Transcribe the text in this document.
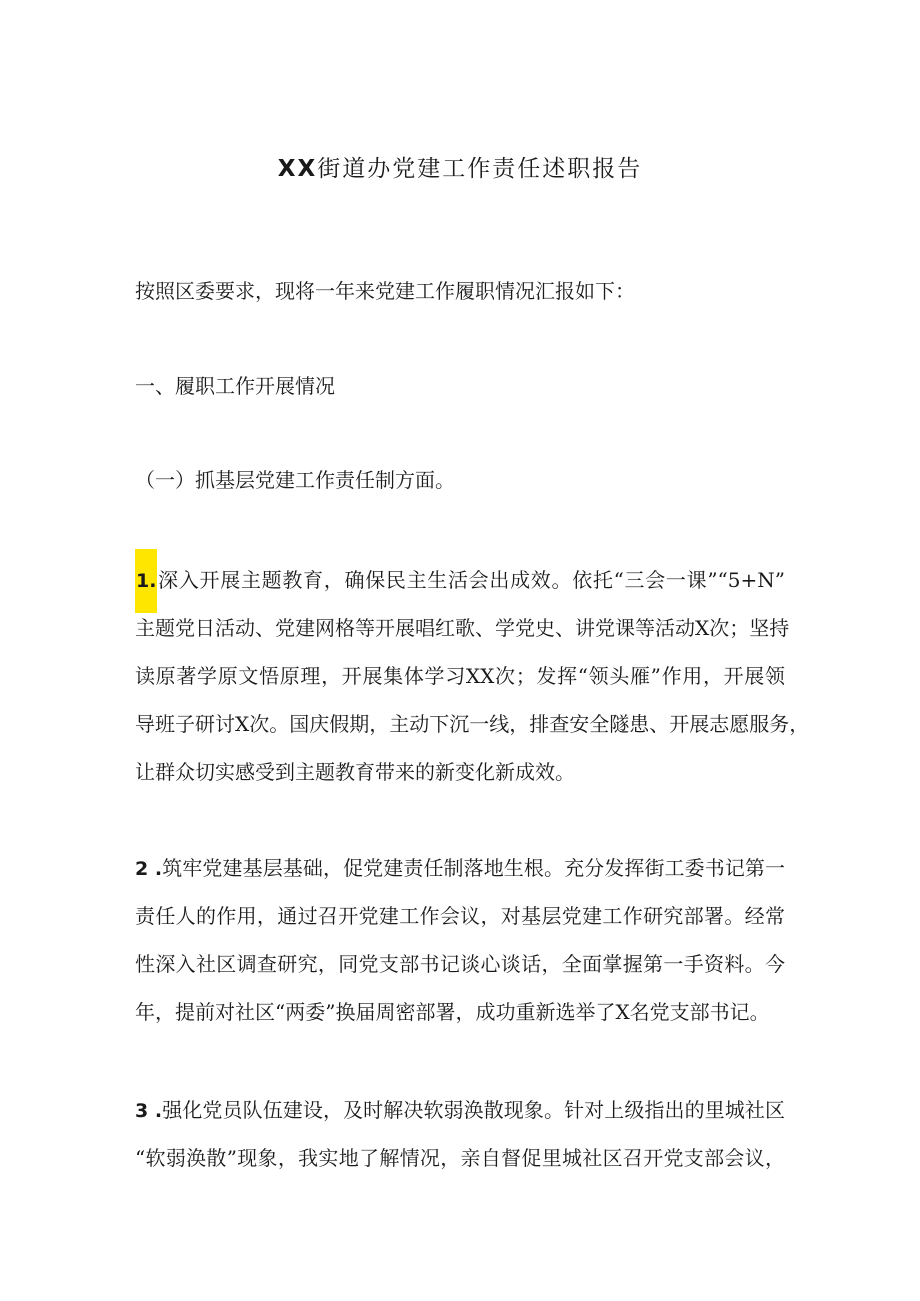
XX街道办党建工作责任述职报告
按照区委要求，现将一年来党建工作履职情况汇报如下：
一、履职工作开展情况
（一）抓基层党建工作责任制方面。
1.深入开展主题教育，确保民主生活会出成效。依托“三会一课”“5+N”
主题党日活动、党建网格等开展唱红歌、学党史、讲党课等活动X次；坚持
读原著学原文悟原理，开展集体学习XX次；发挥“领头雁”作用，开展领
导班子研讨X次。国庆假期，主动下沉一线，排查安全隧患、开展志愿服务，
让群众切实感受到主题教育带来的新变化新成效。
2 .筑牢党建基层基础，促党建责任制落地生根。充分发挥街工委书记第一
责任人的作用，通过召开党建工作会议，对基层党建工作研究部署。经常
性深入社区调查研究，同党支部书记谈心谈话，全面掌握第一手资料。今
年，提前对社区“两委”换届周密部署，成功重新选举了X名党支部书记。
3 .强化党员队伍建设，及时解决软弱涣散现象。针对上级指出的里城社区
“软弱涣散”现象，我实地了解情况，亲自督促里城社区召开党支部会议，
